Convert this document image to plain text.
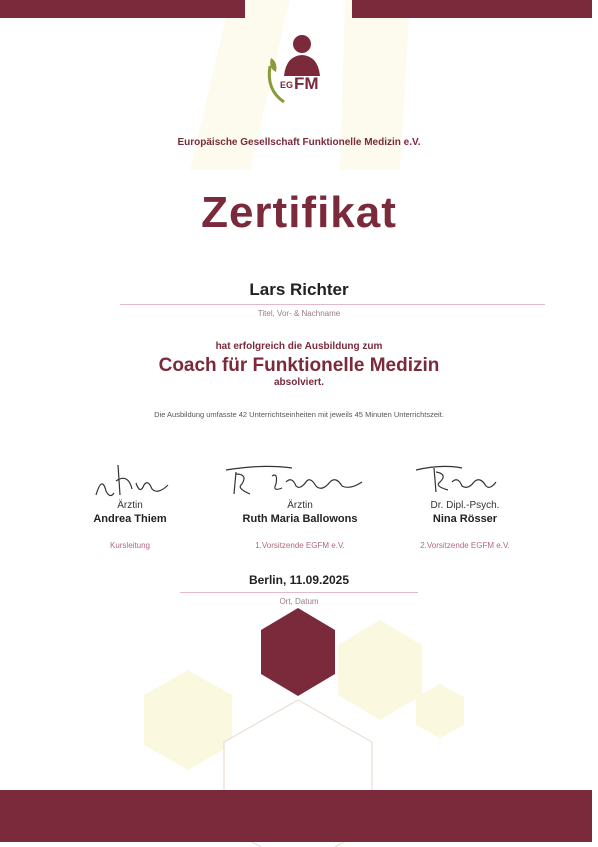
EG FM
Europäische Gesellschaft Funktionelle Medizin e.V.
Zertifikat
Lars Richter
Titel, Vor- & Nachname
hat erfolgreich die Ausbildung zum
Coach für Funktionelle Medizin
absolviert.
Die Ausbildung umfasste 42 Unterrichtseinheiten mit jeweils 45 Minuten Unterrichtszeit.
Ärztin
Andrea Thiem
Kursleitung
Ärztin
Ruth Maria Ballowons
1.Vorsitzende EGFM e.V.
Dr. Dipl.-Psych.
Nina Rösser
2.Vorsitzende EGFM e.V.
Berlin, 11.09.2025
Ort, Datum
